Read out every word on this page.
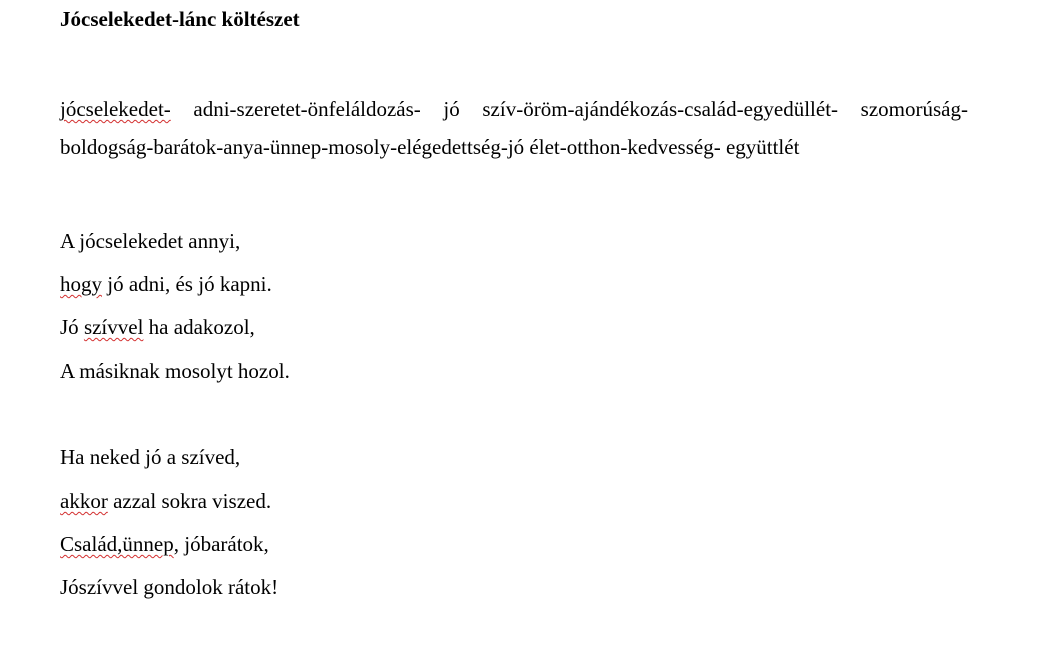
Jócselekedet-lánc költészet
jócselekedet- adni-szeretet-önfeláldozás- jó szív-öröm-ajándékozás-család-egyedüllét- szomorúság-
boldogság-barátok-anya-ünnep-mosoly-elégedettség-jó élet-otthon-kedvesség- együttlét
A jócselekedet annyi,
hogy jó adni, és jó kapni.
Jó szívvel ha adakozol,
A másiknak mosolyt hozol.
Ha neked jó a szíved,
akkor azzal sokra viszed.
Család,ünnep, jóbarátok,
Jószívvel gondolok rátok!
